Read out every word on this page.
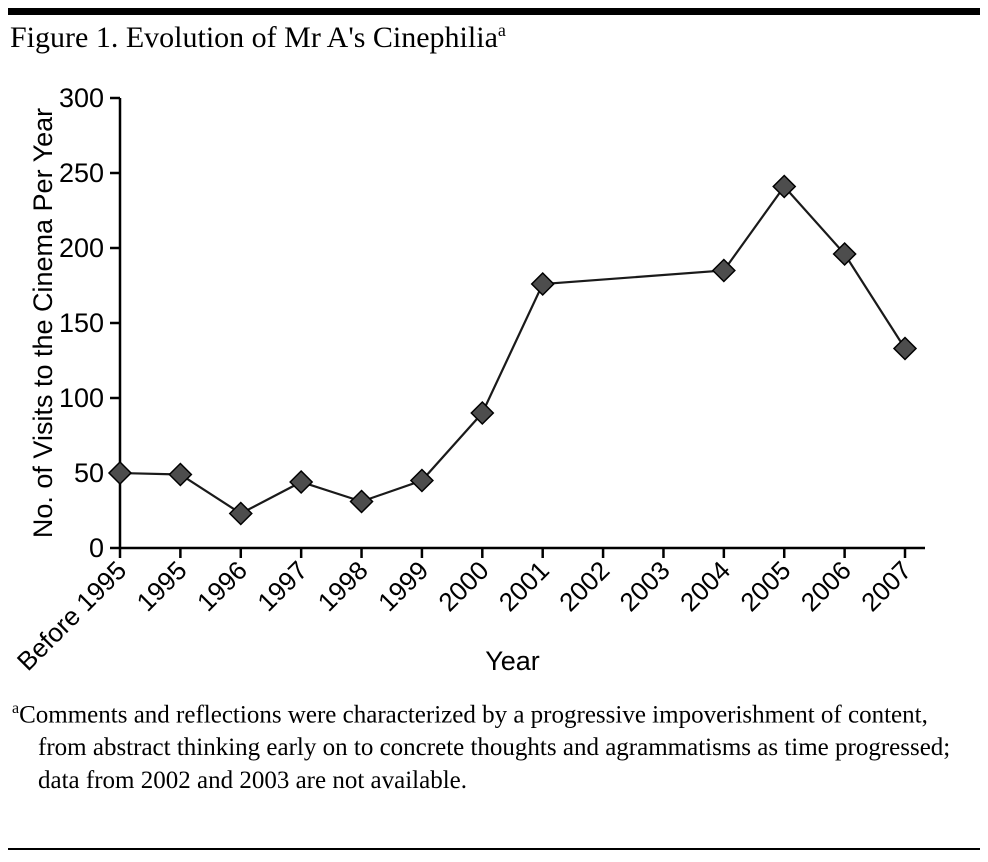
Figure 1. Evolution of Mr A's Cinephilia$^a$
0
50
100
150
200
250
300
Before 1995
1995
1996
1997
1998
1999
2000
2001
2002
2003
2004
2005
2006
2007
No. of Visits to the Cinema Per Year
Year
$^a$Comments and reflections were characterized by a progressive impoverishment of content, from abstract thinking early on to concrete thoughts and agrammatisms as time progressed; data from 2002 and 2003 are not available.
